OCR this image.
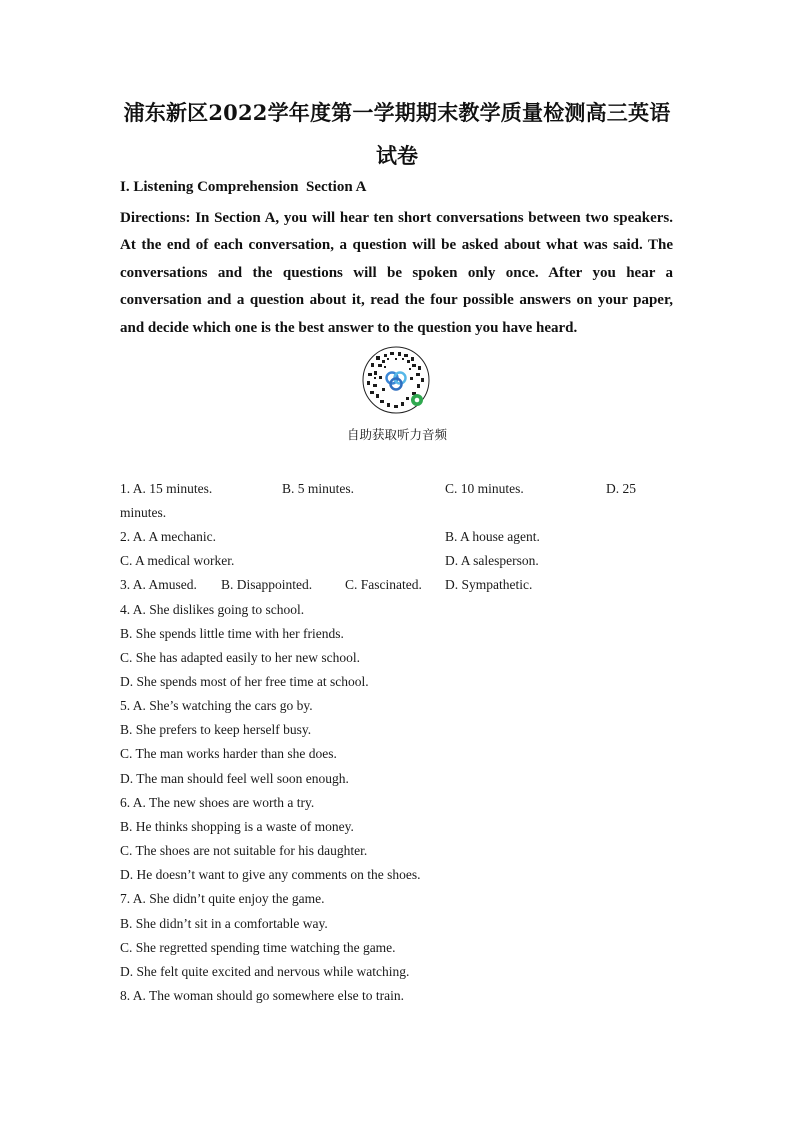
浦东新区2022学年度第一学期期末教学质量检测高三英语
试卷
I. Listening Comprehension  Section A

Directions: In Section A, you will hear ten short conversations between two speakers. At the end of each conversation, a question will be asked about what was said. The conversations and the questions will be spoken only once. After you hear a conversation and a question about it, read the four possible answers on your paper, and decide which one is the best answer to the question you have heard.

自助获取听力音频
1. A. 15 minutes.	B. 5 minutes.	C. 10 minutes.	D. 25
minutes.
2. A. A mechanic.	B. A house agent.
C. A medical worker.	D. A salesperson.
3. A. Amused. B. Disappointed. C. Fascinated. D. Sympathetic.
4. A. She dislikes going to school.
B. She spends little time with her friends.
C. She has adapted easily to her new school.
D. She spends most of her free time at school.
5. A. She’s watching the cars go by.
B. She prefers to keep herself busy.
C. The man works harder than she does.
D. The man should feel well soon enough.
6. A. The new shoes are worth a try.
B. He thinks shopping is a waste of money.
C. The shoes are not suitable for his daughter.
D. He doesn’t want to give any comments on the shoes.
7. A. She didn’t quite enjoy the game.
B. She didn’t sit in a comfortable way.
C. She regretted spending time watching the game.
D. She felt quite excited and nervous while watching.
8. A. The woman should go somewhere else to train.
